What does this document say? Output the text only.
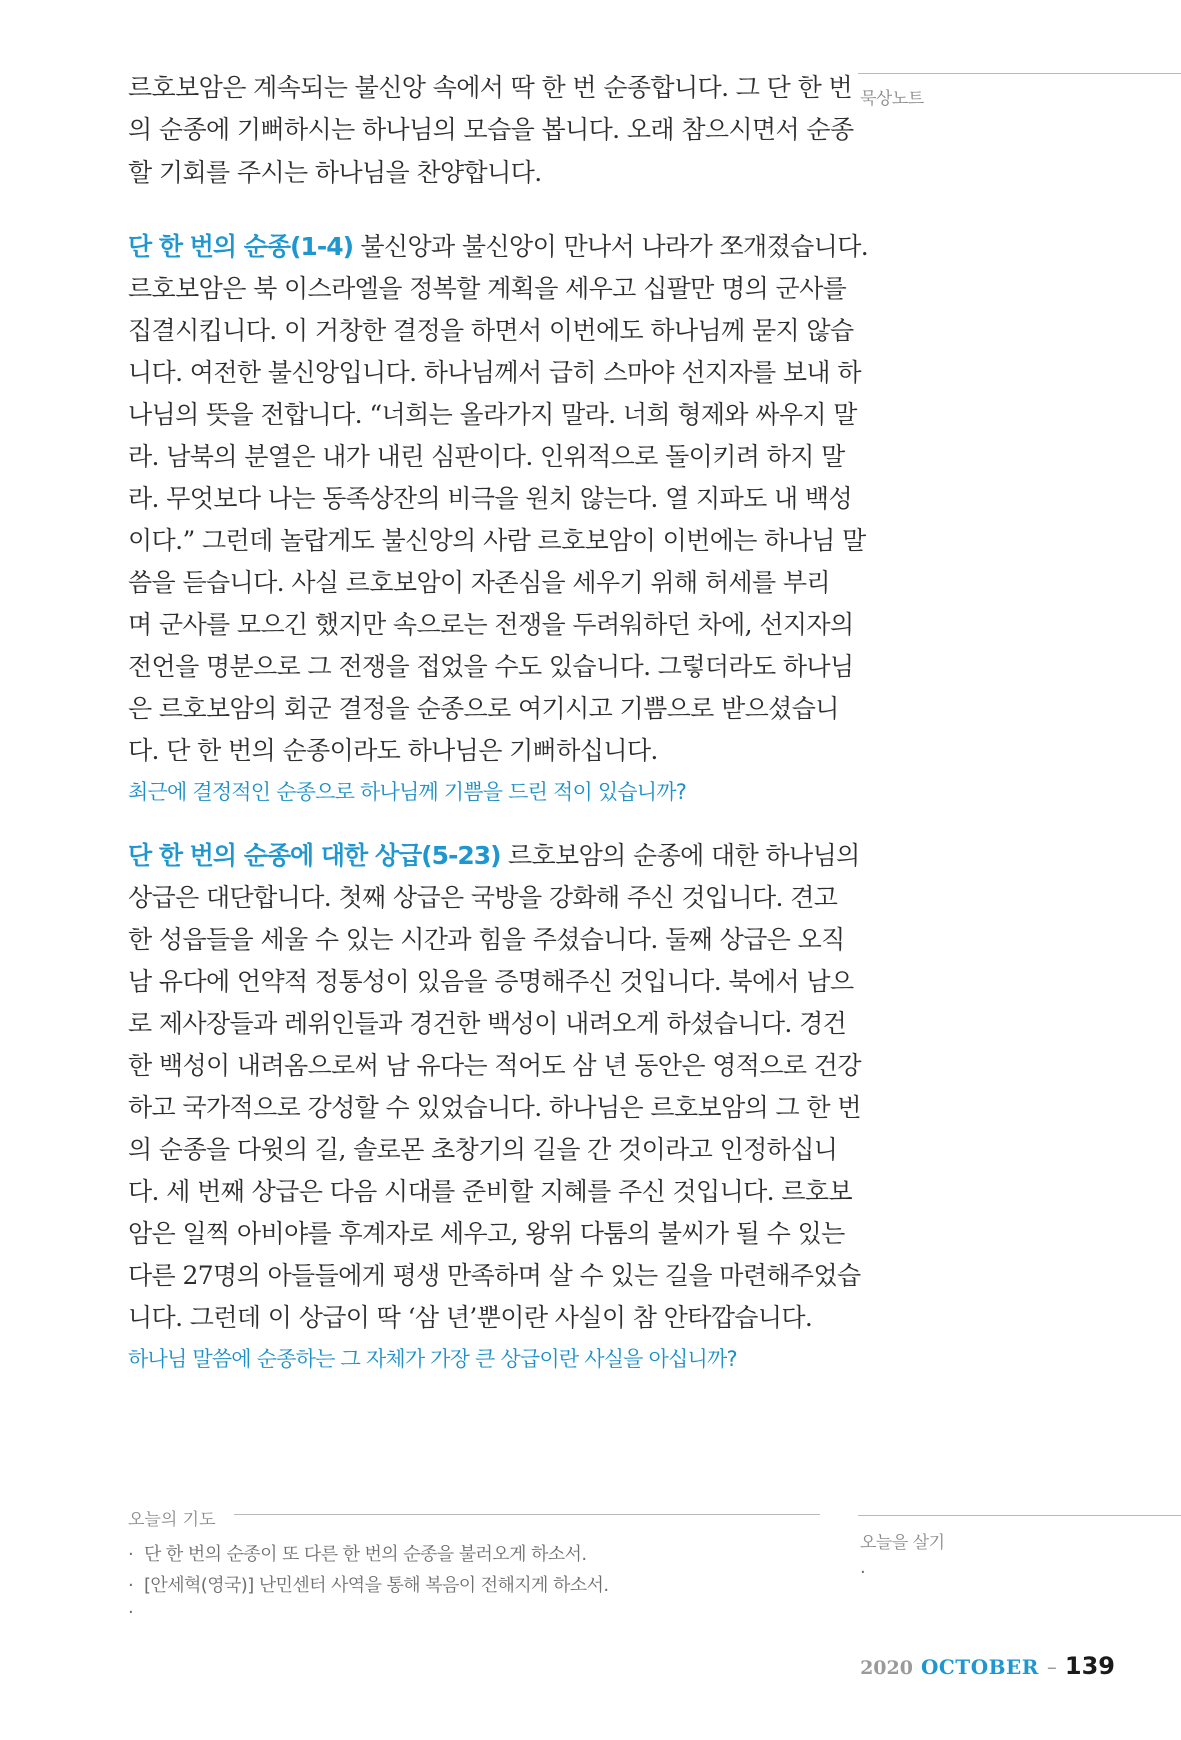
묵상노트
오늘을 살기
·
르호보암은 계속되는 불신앙 속에서 딱 한 번 순종합니다. 그 단 한 번
의 순종에 기뻐하시는 하나님의 모습을 봅니다. 오래 참으시면서 순종
할 기회를 주시는 하나님을 찬양합니다.
단 한 번의 순종(1-4) 불신앙과 불신앙이 만나서 나라가 쪼개졌습니다.
르호보암은 북 이스라엘을 정복할 계획을 세우고 십팔만 명의 군사를
집결시킵니다. 이 거창한 결정을 하면서 이번에도 하나님께 묻지 않습
니다. 여전한 불신앙입니다. 하나님께서 급히 스마야 선지자를 보내 하
나님의 뜻을 전합니다. “너희는 올라가지 말라. 너희 형제와 싸우지 말
라. 남북의 분열은 내가 내린 심판이다. 인위적으로 돌이키려 하지 말
라. 무엇보다 나는 동족상잔의 비극을 원치 않는다. 열 지파도 내 백성
이다.” 그런데 놀랍게도 불신앙의 사람 르호보암이 이번에는 하나님 말
씀을 듣습니다. 사실 르호보암이 자존심을 세우기 위해 허세를 부리
며 군사를 모으긴 했지만 속으로는 전쟁을 두려워하던 차에, 선지자의
전언을 명분으로 그 전쟁을 접었을 수도 있습니다. 그렇더라도 하나님
은 르호보암의 회군 결정을 순종으로 여기시고 기쁨으로 받으셨습니
다. 단 한 번의 순종이라도 하나님은 기뻐하십니다.
최근에 결정적인 순종으로 하나님께 기쁨을 드린 적이 있습니까?
단 한 번의 순종에 대한 상급(5-23) 르호보암의 순종에 대한 하나님의
상급은 대단합니다. 첫째 상급은 국방을 강화해 주신 것입니다. 견고
한 성읍들을 세울 수 있는 시간과 힘을 주셨습니다. 둘째 상급은 오직
남 유다에 언약적 정통성이 있음을 증명해주신 것입니다. 북에서 남으
로 제사장들과 레위인들과 경건한 백성이 내려오게 하셨습니다. 경건
한 백성이 내려옴으로써 남 유다는 적어도 삼 년 동안은 영적으로 건강
하고 국가적으로 강성할 수 있었습니다. 하나님은 르호보암의 그 한 번
의 순종을 다윗의 길, 솔로몬 초창기의 길을 간 것이라고 인정하십니
다. 세 번째 상급은 다음 시대를 준비할 지혜를 주신 것입니다. 르호보
암은 일찍 아비야를 후계자로 세우고, 왕위 다툼의 불씨가 될 수 있는
다른 27명의 아들들에게 평생 만족하며 살 수 있는 길을 마련해주었습
니다. 그런데 이 상급이 딱 ‘삼 년’뿐이란 사실이 참 안타깝습니다.
하나님 말씀에 순종하는 그 자체가 가장 큰 상급이란 사실을 아십니까?
오늘의 기도
· 단 한 번의 순종이 또 다른 한 번의 순종을 불러오게 하소서.
· [안세혁(영국)] 난민센터 사역을 통해 복음이 전해지게 하소서.
·
2020 OCTOBER – 139
